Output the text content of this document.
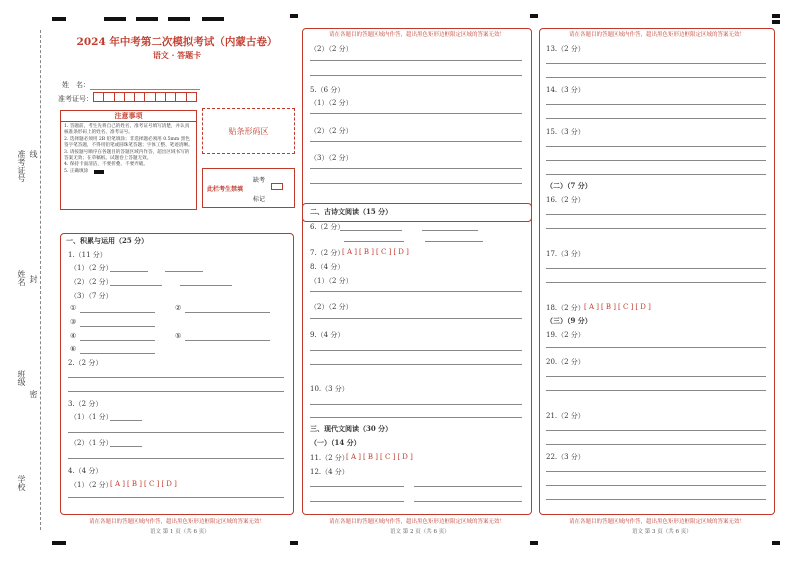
准考证号 线
姓名 封
班级
密
学校
2024 年中考第二次模拟考试（内蒙古卷）
语文 · 答题卡
姓　名：
准考证号：
注意事项
1. 答题前，考生先将自己的姓名，准考证号填写清楚，并认真核准条形码上的姓名、准考证号。
2. 选择题必须用 2B 铅笔填涂；非选择题必须用 0.5mm 黑色签字笔答题，不得用铅笔或圆珠笔答题；字体工整、笔迹清晰。
3. 请按题号顺序在各题目的答题区域内作答，超出区域书写的答案无效；在草稿纸、试题卷上答题无效。
4. 保持卡面清洁，不要折叠、不要弄破。
5. 正确填涂
贴条形码区
此栏考生禁填
缺考
标记
一、积累与运用（25 分）
1.（11 分）
（1）（2 分）
（2）（2 分）
（3）（7 分）
①	②
③
④	⑤
⑥
2.（2 分）
3.（2 分）
（1）（1 分）
（2）（1 分）
4.（4 分）
（1）（2 分）
[ A ] [ B ] [ C ] [ D ]
请在各题目的答题区域内作答，超出黑色矩形边框限定区域的答案无效！
（2）（2 分）
5.（6 分）
（1）（2 分）
（2）（2 分）
（3）（2 分）
二、古诗文阅读（15 分）
6.（2 分）
7.（2 分）
[ A ] [ B ] [ C ] [ D ]
8.（4 分）
（1）（2 分）
（2）（2 分）
9.（4 分）
10.（3 分）
三、现代文阅读（30 分）
（一）（14 分）
11.（2 分）
[ A ] [ B ] [ C ] [ D ]
12.（4 分）
请在各题目的答题区域内作答，超出黑色矩形边框限定区域的答案无效！
请在各题目的答题区域内作答，超出黑色矩形边框限定区域的答案无效！
13.（2 分）
14.（3 分）
15.（3 分）
（二）（7 分）
16.（2 分）
17.（3 分）
18.（2 分） [ A ] [ B ] [ C ] [ D ]
（三）（9 分）
19.（2 分）
20.（2 分）
21.（2 分）
22.（3 分）
请在各题目的答题区域内作答，超出黑色矩形边框限定区域的答案无效！
请在各题目的答题区域内作答，超出黑色矩形边框限定区域的答案无效！
语文 第 1 页（共 6 页）	语文 第 2 页（共 6 页）	语文 第 3 页（共 6 页）
